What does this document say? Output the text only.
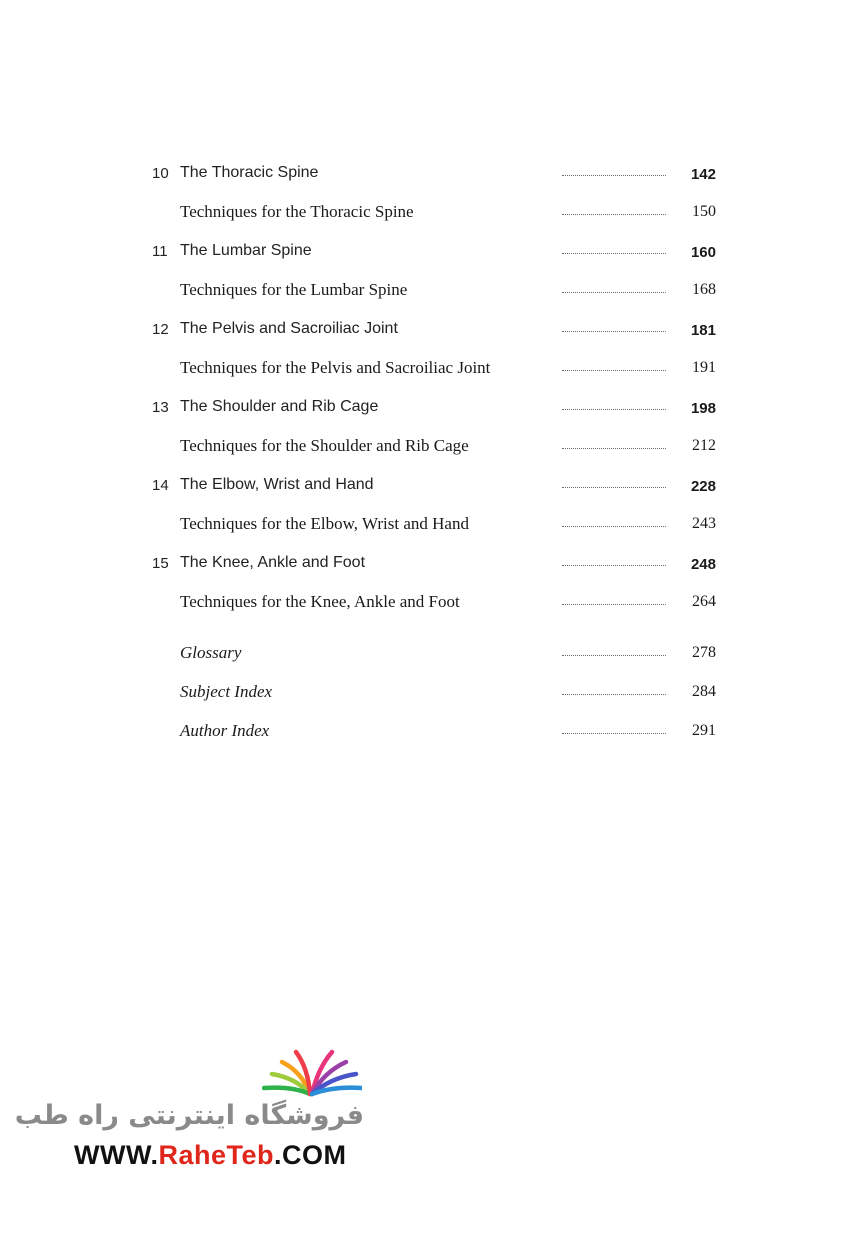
10 The Thoracic Spine	142
Techniques for the Thoracic Spine	150
11 The Lumbar Spine	160
Techniques for the Lumbar Spine	168
12 The Pelvis and Sacroiliac Joint	181
Techniques for the Pelvis and Sacroiliac Joint	191
13 The Shoulder and Rib Cage	198
Techniques for the Shoulder and Rib Cage	212
14 The Elbow, Wrist and Hand	228
Techniques for the Elbow, Wrist and Hand	243
15 The Knee, Ankle and Foot	248
Techniques for the Knee, Ankle and Foot	264
Glossary	278
Subject Index	284
Author Index	291
فروشگاه اینترنتی راه طب
WWW.RaheTeb.COM
